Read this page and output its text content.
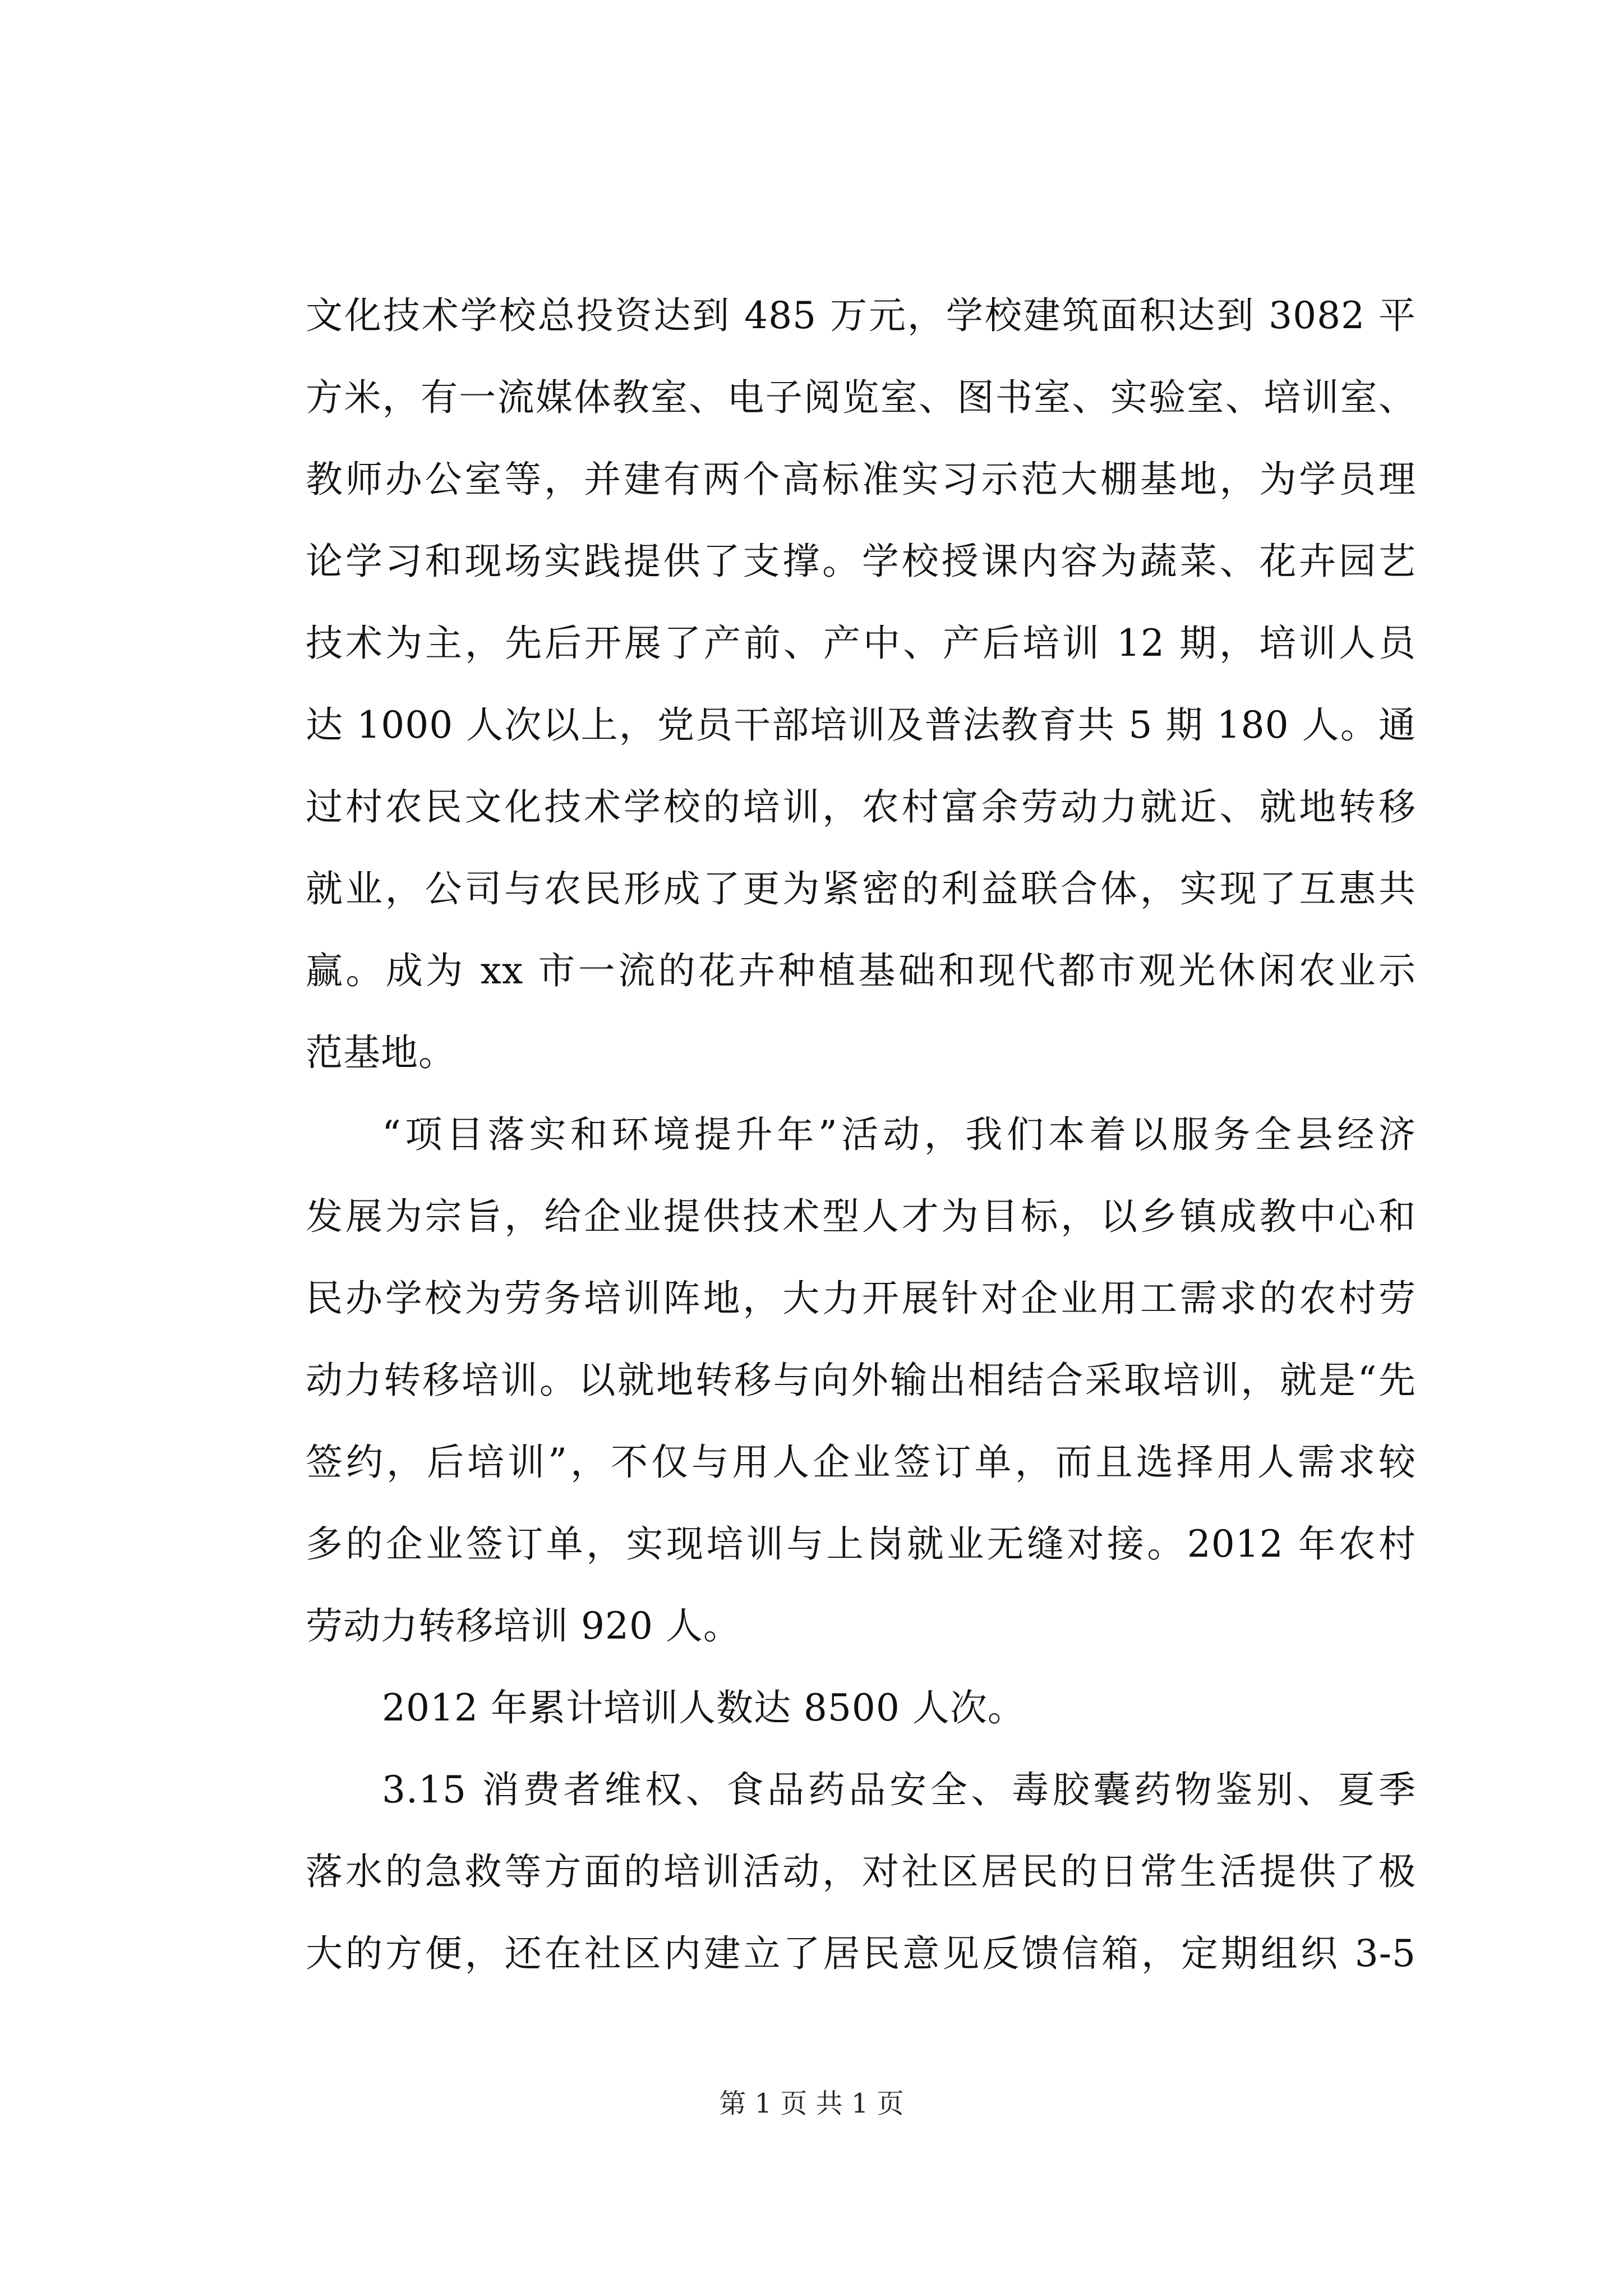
文化技术学校总投资达到 485 万元，学校建筑面积达到 3082 平
方米，有一流媒体教室、电子阅览室、图书室、实验室、培训室、
教师办公室等，并建有两个高标准实习示范大棚基地，为学员理
论学习和现场实践提供了支撑。学校授课内容为蔬菜、花卉园艺
技术为主，先后开展了产前、产中、产后培训 12 期，培训人员
达 1000 人次以上，党员干部培训及普法教育共 5 期 180 人。通
过村农民文化技术学校的培训，农村富余劳动力就近、就地转移
就业，公司与农民形成了更为紧密的利益联合体，实现了互惠共
赢。成为 xx 市一流的花卉种植基础和现代都市观光休闲农业示
范基地。
“项目落实和环境提升年”活动，我们本着以服务全县经济
发展为宗旨，给企业提供技术型人才为目标，以乡镇成教中心和
民办学校为劳务培训阵地，大力开展针对企业用工需求的农村劳
动力转移培训。以就地转移与向外输出相结合采取培训，就是“先
签约，后培训”，不仅与用人企业签订单，而且选择用人需求较
多的企业签订单，实现培训与上岗就业无缝对接。2012 年农村
劳动力转移培训 920 人。
2012 年累计培训人数达 8500 人次。
3.15 消费者维权、食品药品安全、毒胶囊药物鉴别、夏季
落水的急救等方面的培训活动，对社区居民的日常生活提供了极
大的方便，还在社区内建立了居民意见反馈信箱，定期组织 3-5
第 1 页 共 1 页
